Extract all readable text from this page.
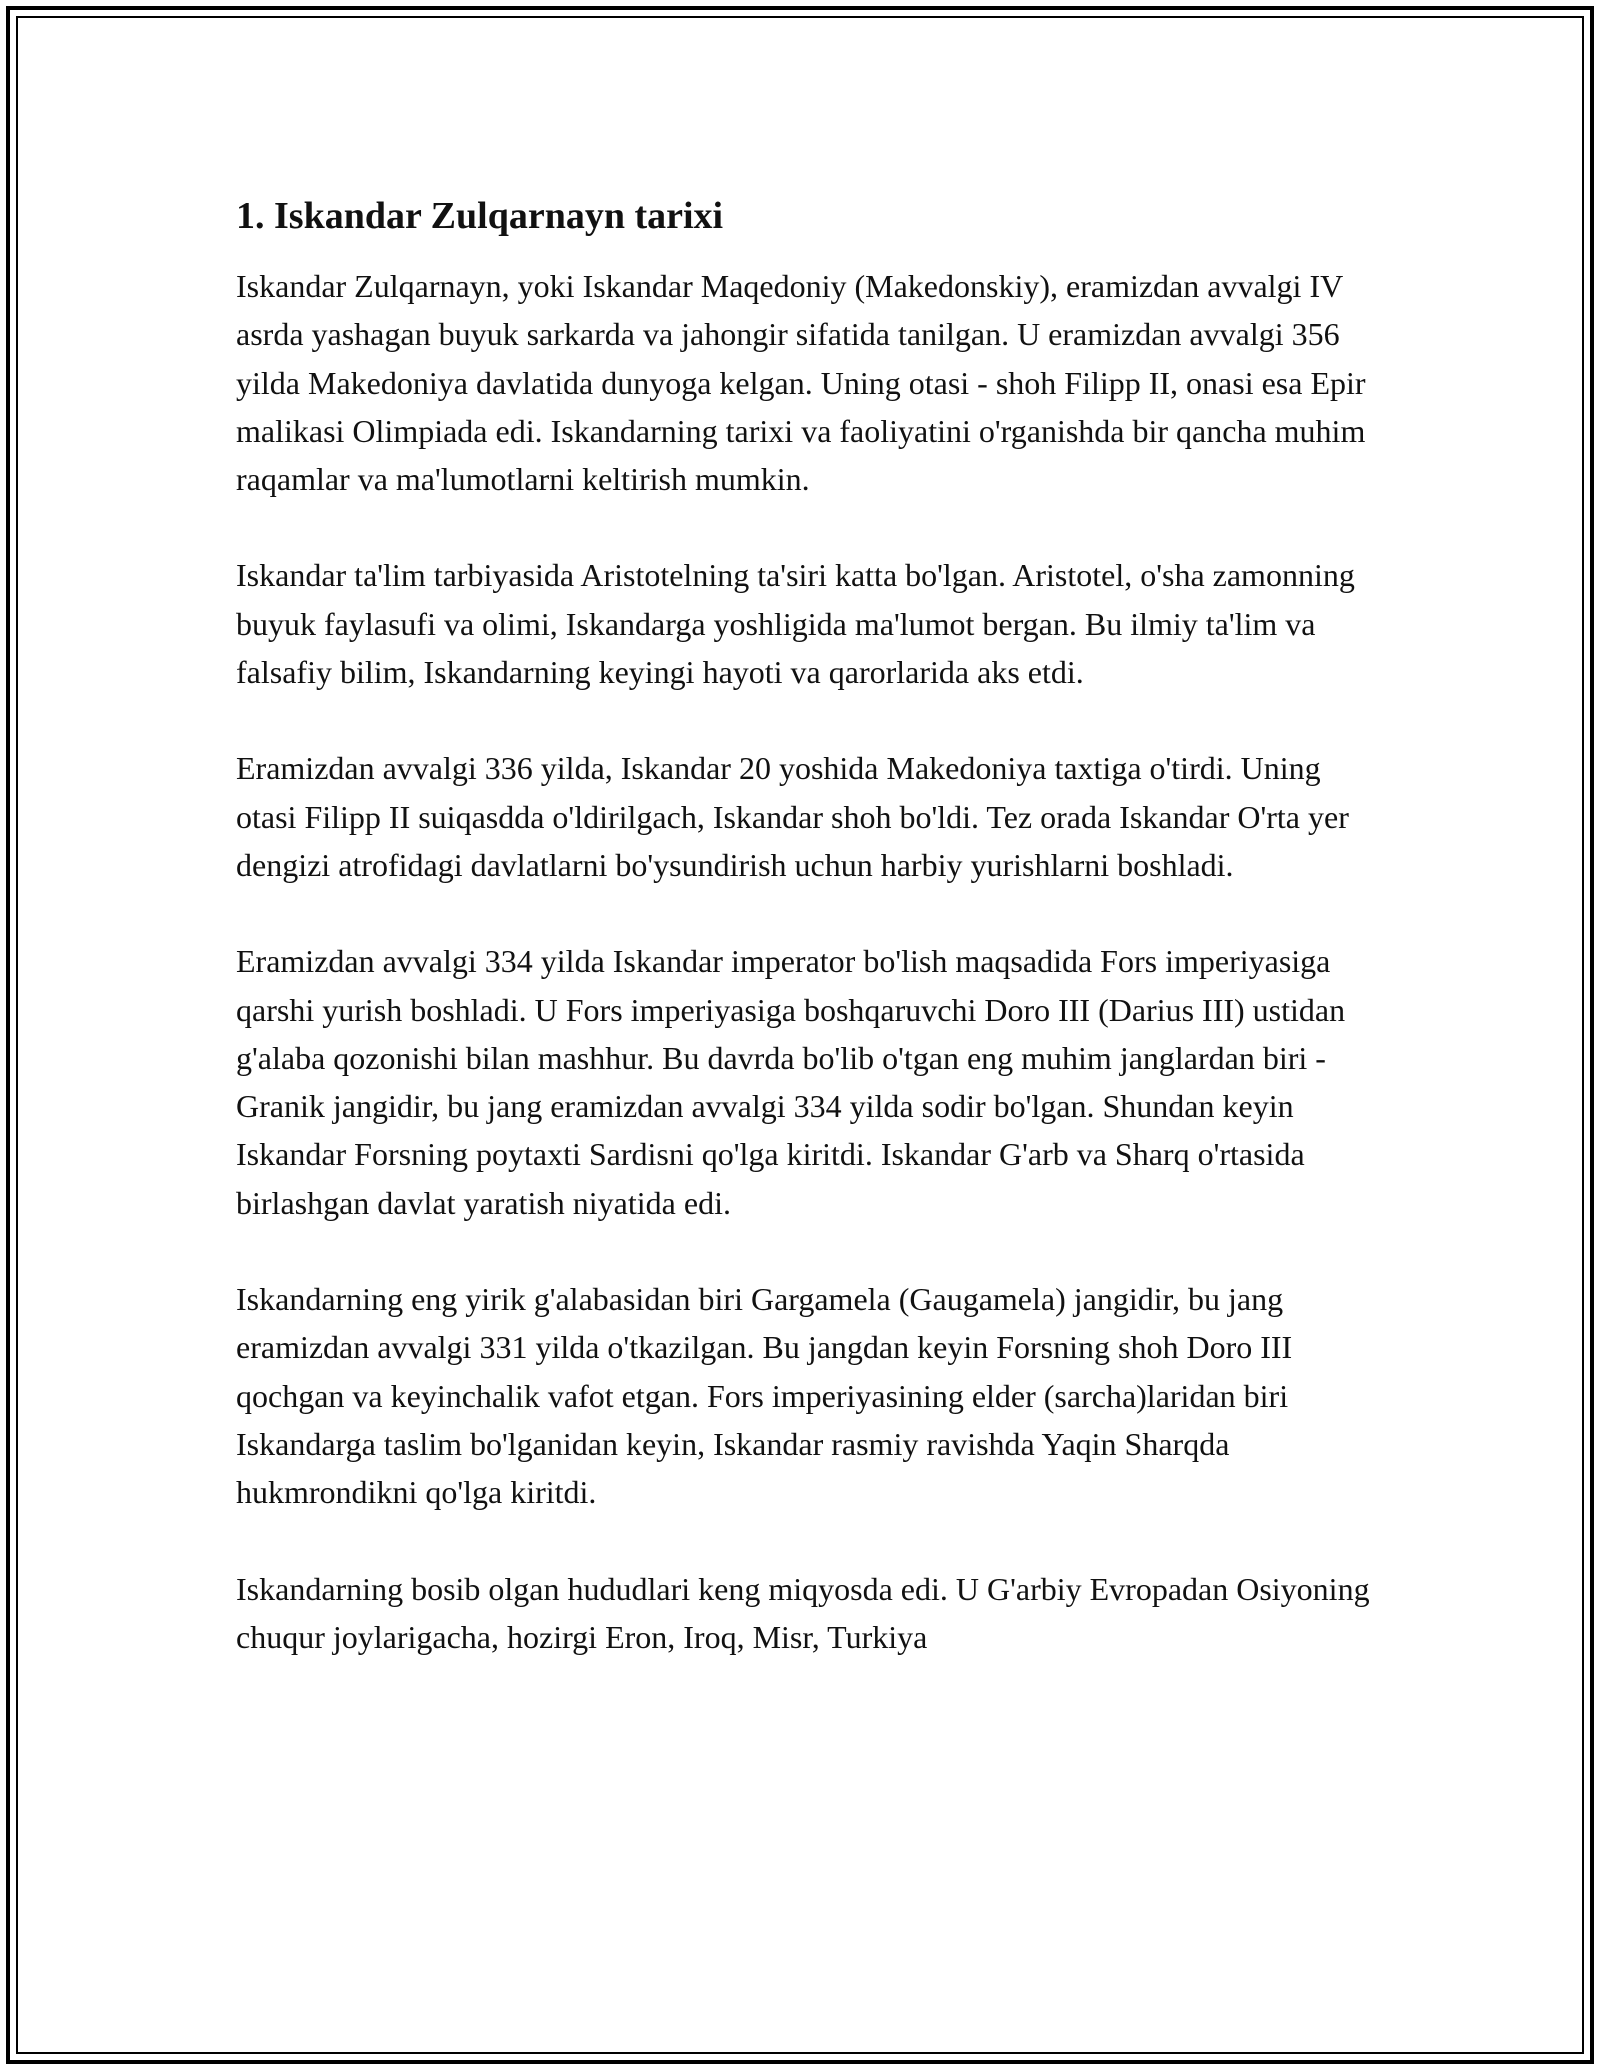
1. Iskandar Zulqarnayn tarixi

Iskandar Zulqarnayn, yoki Iskandar Maqedoniy (Makedonskiy), eramizdan avvalgi IV asrda yashagan buyuk sarkarda va jahongir sifatida tanilgan. U eramizdan avvalgi 356 yilda Makedoniya davlatida dunyoga kelgan. Uning otasi - shoh Filipp II, onasi esa Epir malikasi Olimpiada edi. Iskandarning tarixi va faoliyatini o'rganishda bir qancha muhim raqamlar va ma'lumotlarni keltirish mumkin.

Iskandar ta'lim tarbiyasida Aristotelning ta'siri katta bo'lgan. Aristotel, o'sha zamonning buyuk faylasufi va olimi, Iskandarga yoshligida ma'lumot bergan. Bu ilmiy ta'lim va falsafiy bilim, Iskandarning keyingi hayoti va qarorlarida aks etdi.

Eramizdan avvalgi 336 yilda, Iskandar 20 yoshida Makedoniya taxtiga o'tirdi. Uning otasi Filipp II suiqasdda o'ldirilgach, Iskandar shoh bo'ldi. Tez orada Iskandar O'rta yer dengizi atrofidagi davlatlarni bo'ysundirish uchun harbiy yurishlarni boshladi.

Eramizdan avvalgi 334 yilda Iskandar imperator bo'lish maqsadida Fors imperiyasiga qarshi yurish boshladi. U Fors imperiyasiga boshqaruvchi Doro III (Darius III) ustidan g'alaba qozonishi bilan mashhur. Bu davrda bo'lib o'tgan eng muhim janglardan biri - Granik jangidir, bu jang eramizdan avvalgi 334 yilda sodir bo'lgan. Shundan keyin Iskandar Forsning poytaxti Sardisni qo'lga kiritdi. Iskandar G'arb va Sharq o'rtasida birlashgan davlat yaratish niyatida edi.

Iskandarning eng yirik g'alabasidan biri Gargamela (Gaugamela) jangidir, bu jang eramizdan avvalgi 331 yilda o'tkazilgan. Bu jangdan keyin Forsning shoh Doro III qochgan va keyinchalik vafot etgan. Fors imperiyasining elder (sarcha)laridan biri Iskandarga taslim bo'lganidan keyin, Iskandar rasmiy ravishda Yaqin Sharqda hukmrondikni qo'lga kiritdi.

Iskandarning bosib olgan hududlari keng miqyosda edi. U G'arbiy Evropadan Osiyoning chuqur joylarigacha, hozirgi Eron, Iroq, Misr, Turkiya
